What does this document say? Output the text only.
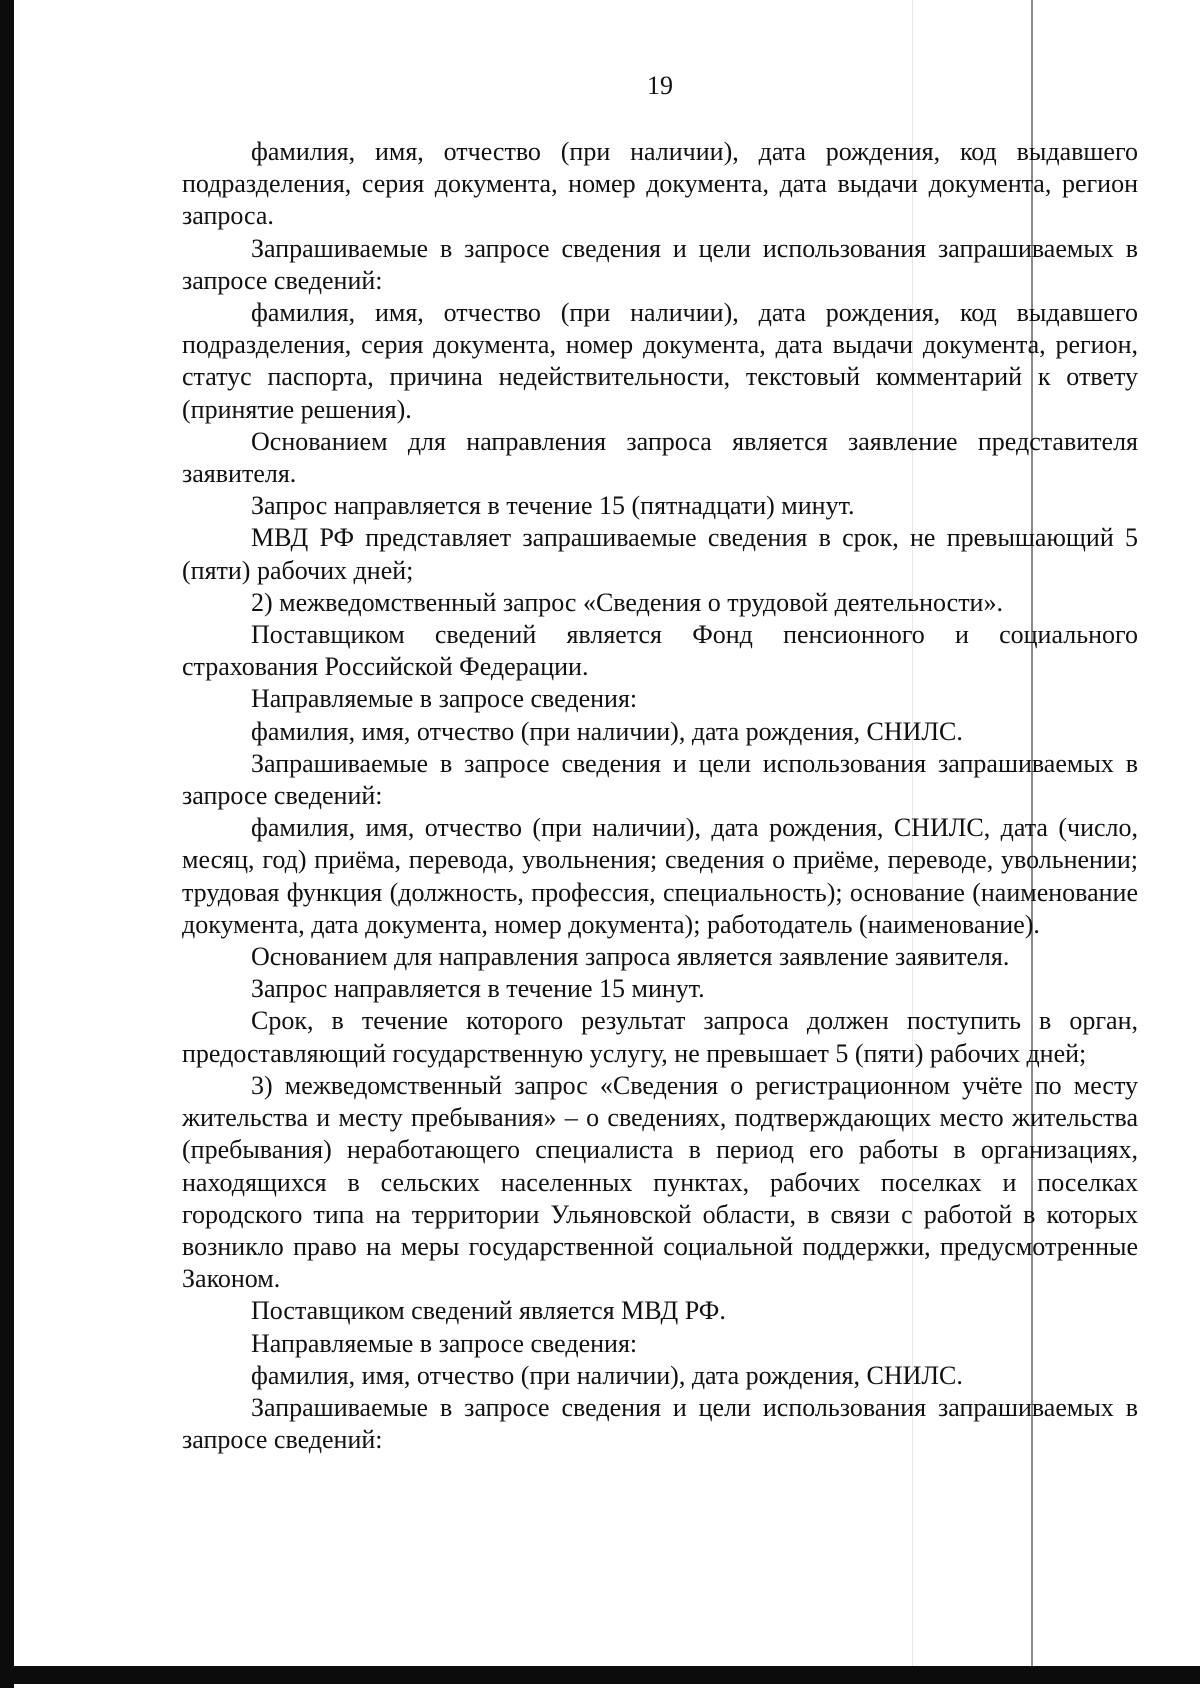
19

фамилия, имя, отчество (при наличии), дата рождения, код выдавшего подразделения, серия документа, номер документа, дата выдачи документа, регион запроса.

Запрашиваемые в запросе сведения и цели использования запрашиваемых в запросе сведений:

фамилия, имя, отчество (при наличии), дата рождения, код выдавшего подразделения, серия документа, номер документа, дата выдачи документа, регион, статус паспорта, причина недействительности, текстовый комментарий к ответу (принятие решения).

Основанием для направления запроса является заявление представителя заявителя.

Запрос направляется в течение 15 (пятнадцати) минут.

МВД РФ представляет запрашиваемые сведения в срок, не превышающий 5 (пяти) рабочих дней;

2) межведомственный запрос «Сведения о трудовой деятельности».

Поставщиком сведений является Фонд пенсионного и социального страхования Российской Федерации.

Направляемые в запросе сведения:

фамилия, имя, отчество (при наличии), дата рождения, СНИЛС.

Запрашиваемые в запросе сведения и цели использования запрашиваемых в запросе сведений:

фамилия, имя, отчество (при наличии), дата рождения, СНИЛС, дата (число, месяц, год) приёма, перевода, увольнения; сведения о приёме, переводе, увольнении; трудовая функция (должность, профессия, специальность); основание (наименование документа, дата документа, номер документа); работодатель (наименование).

Основанием для направления запроса является заявление заявителя.

Запрос направляется в течение 15 минут.

Срок, в течение которого результат запроса должен поступить в орган, предоставляющий государственную услугу, не превышает 5 (пяти) рабочих дней;

3) межведомственный запрос «Сведения о регистрационном учёте по месту жительства и месту пребывания» – о сведениях, подтверждающих место жительства (пребывания) неработающего специалиста в период его работы в организациях, находящихся в сельских населенных пунктах, рабочих поселках и поселках городского типа на территории Ульяновской области, в связи с работой в которых возникло право на меры государственной социальной поддержки, предусмотренные Законом.

Поставщиком сведений является МВД РФ.

Направляемые в запросе сведения:

фамилия, имя, отчество (при наличии), дата рождения, СНИЛС.

Запрашиваемые в запросе сведения и цели использования запрашиваемых в запросе сведений:
